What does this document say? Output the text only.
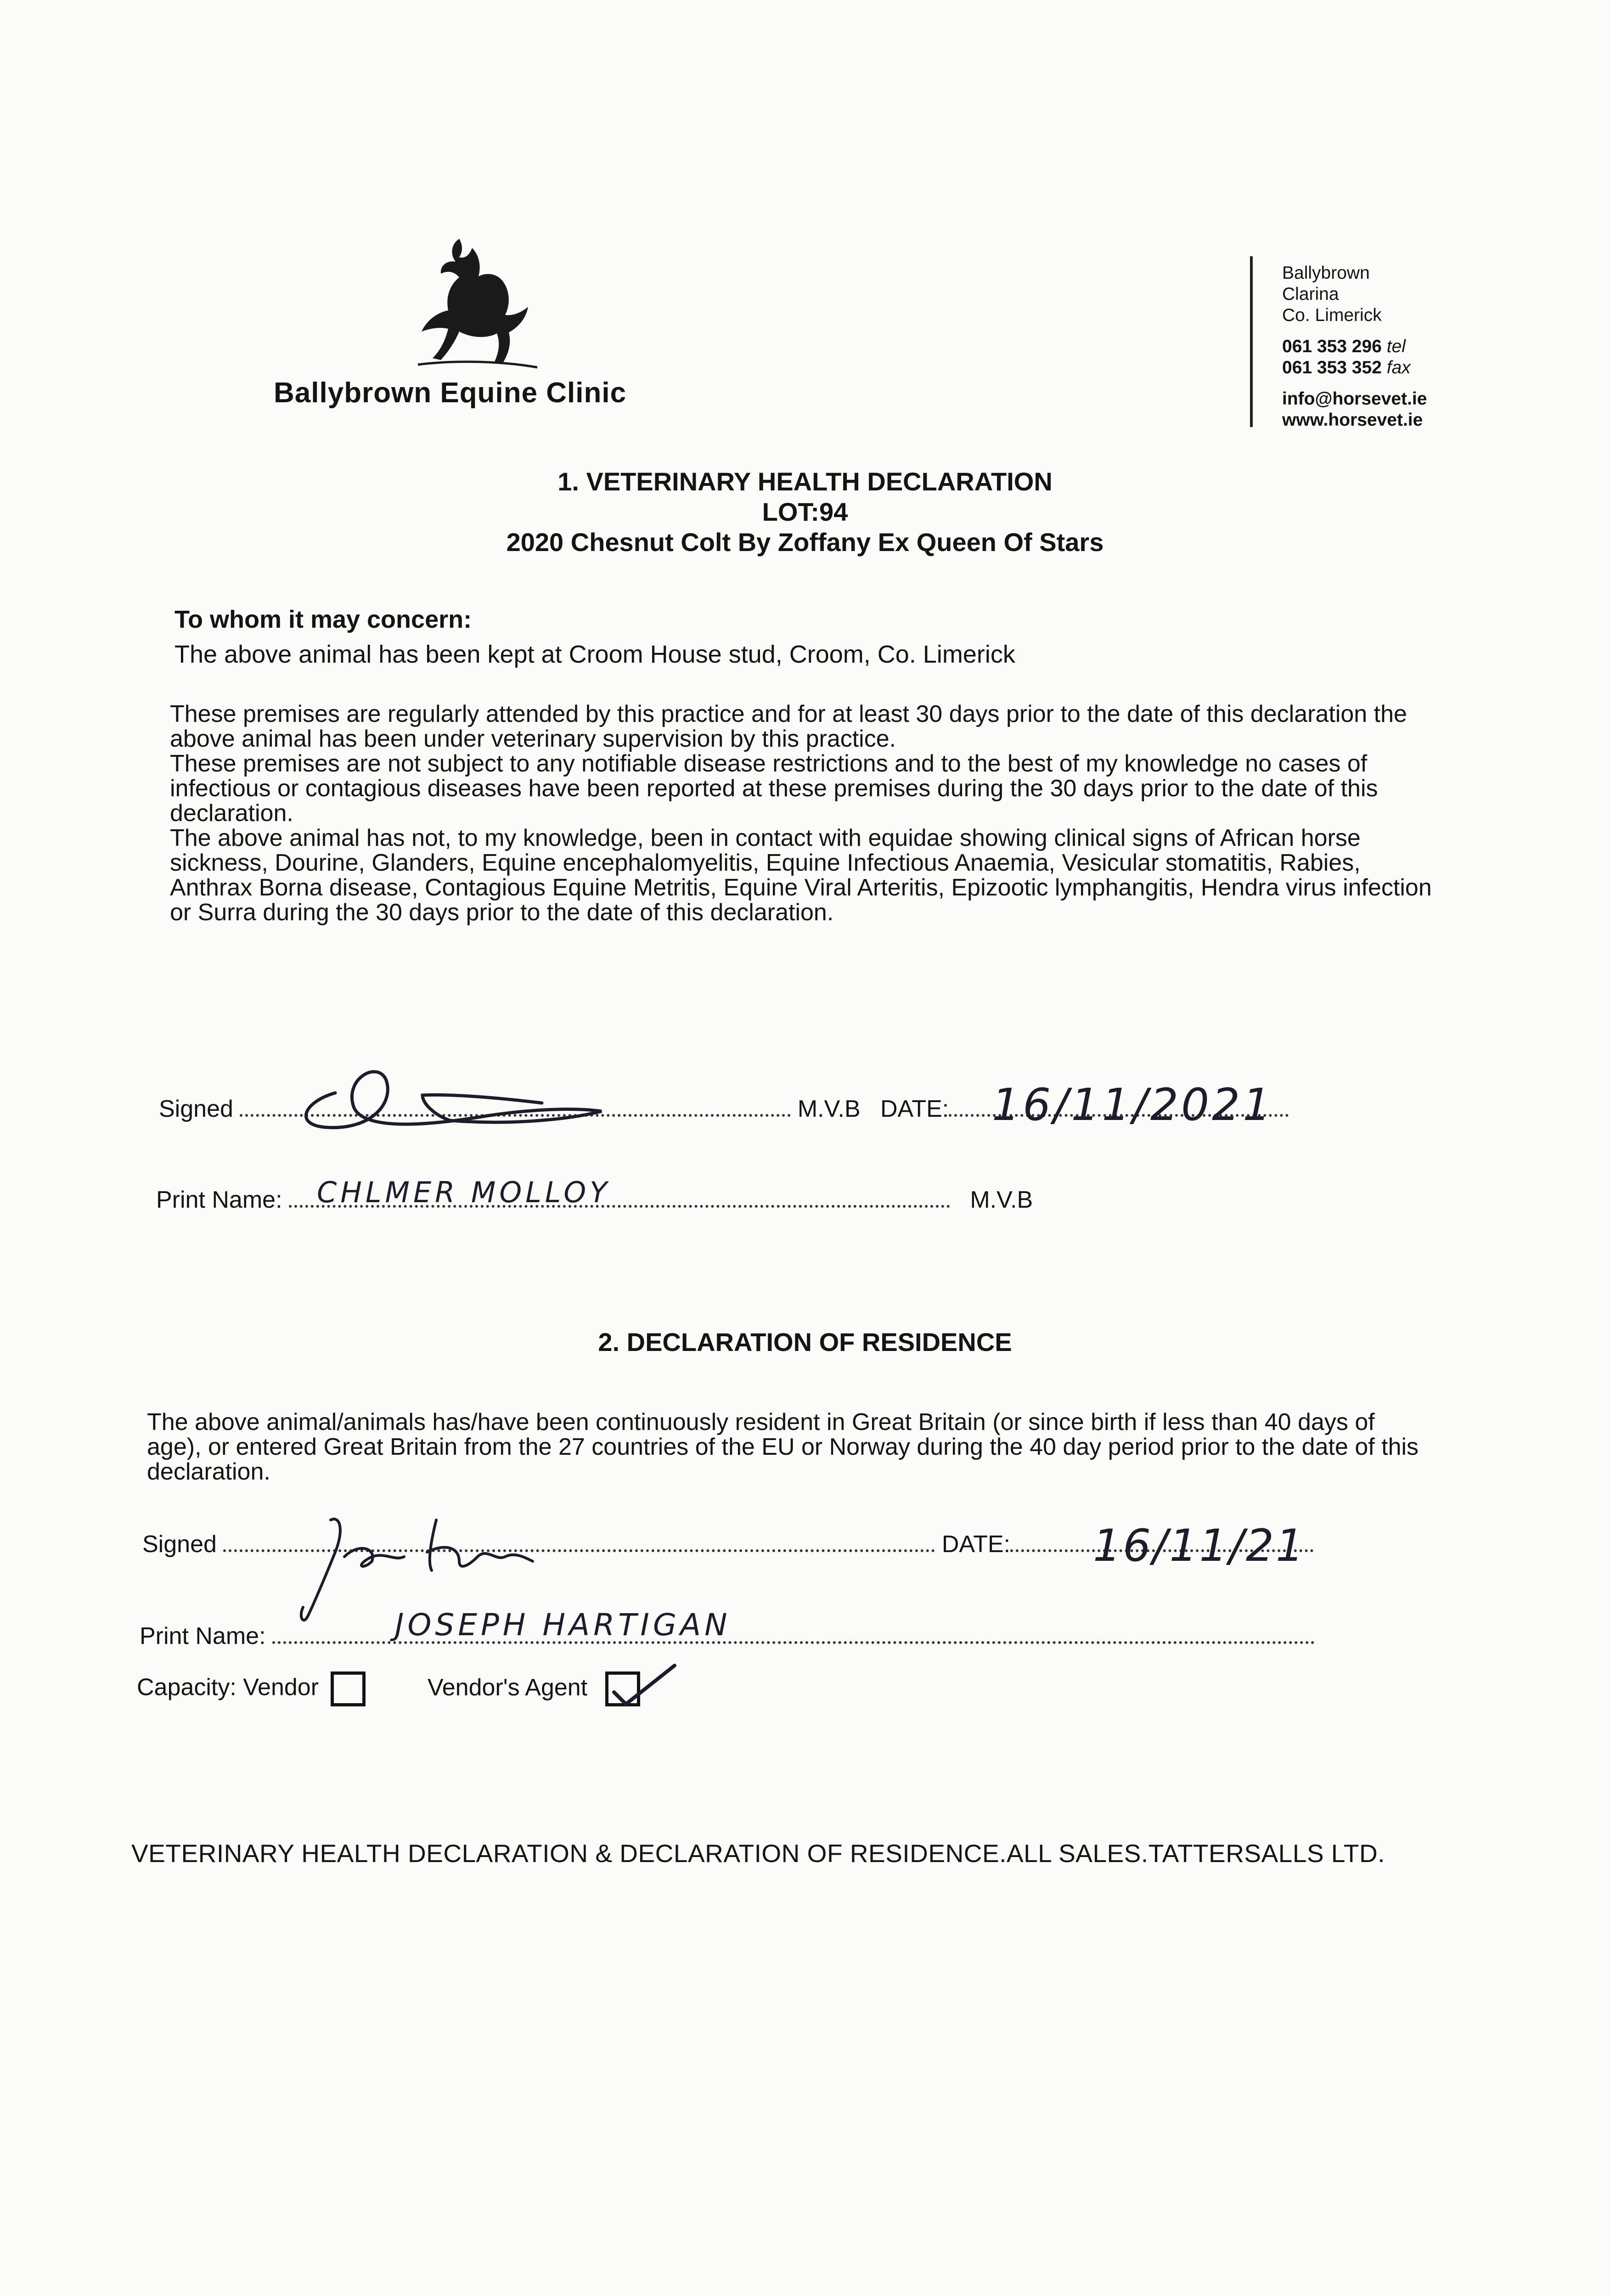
Ballybrown Equine Clinic
Ballybrown
Clarina
Co. Limerick
061 353 296 tel
061 353 352 fax
info@horsevet.ie
www.horsevet.ie
1. VETERINARY HEALTH DECLARATION
LOT:94
2020 Chesnut Colt By Zoffany Ex Queen Of Stars
To whom it may concern:
The above animal has been kept at Croom House stud, Croom, Co. Limerick

These premises are regularly attended by this practice and for at least 30 days prior to the date of this declaration the above animal has been under veterinary supervision by this practice.

These premises are not subject to any notifiable disease restrictions and to the best of my knowledge no cases of infectious or contagious diseases have been reported at these premises during the 30 days prior to the date of this declaration.

The above animal has not, to my knowledge, been in contact with equidae showing clinical signs of African horse sickness, Dourine, Glanders, Equine encephalomyelitis, Equine Infectious Anaemia, Vesicular stomatitis, Rabies, Anthrax Borna disease, Contagious Equine Metritis, Equine Viral Arteritis, Epizootic lymphangitis, Hendra virus infection or Surra during the 30 days prior to the date of this declaration.

Signed	M.V.B DATE: 16/11/2021
Print Name:	M.V.B
CHLMER MOLLOY
2. DECLARATION OF RESIDENCE
The above animal/animals has/have been continuously resident in Great Britain (or since birth if less than 40 days of age), or entered Great Britain from the 27 countries of the EU or Norway during the 40 day period prior to the date of this declaration.
Signed	DATE:	16/11/21
Print Name:	JOSEPH HARTIGAN
Capacity: Vendor	Vendor's Agent
VETERINARY HEALTH DECLARATION & DECLARATION OF RESIDENCE.ALL SALES.TATTERSALLS LTD.
